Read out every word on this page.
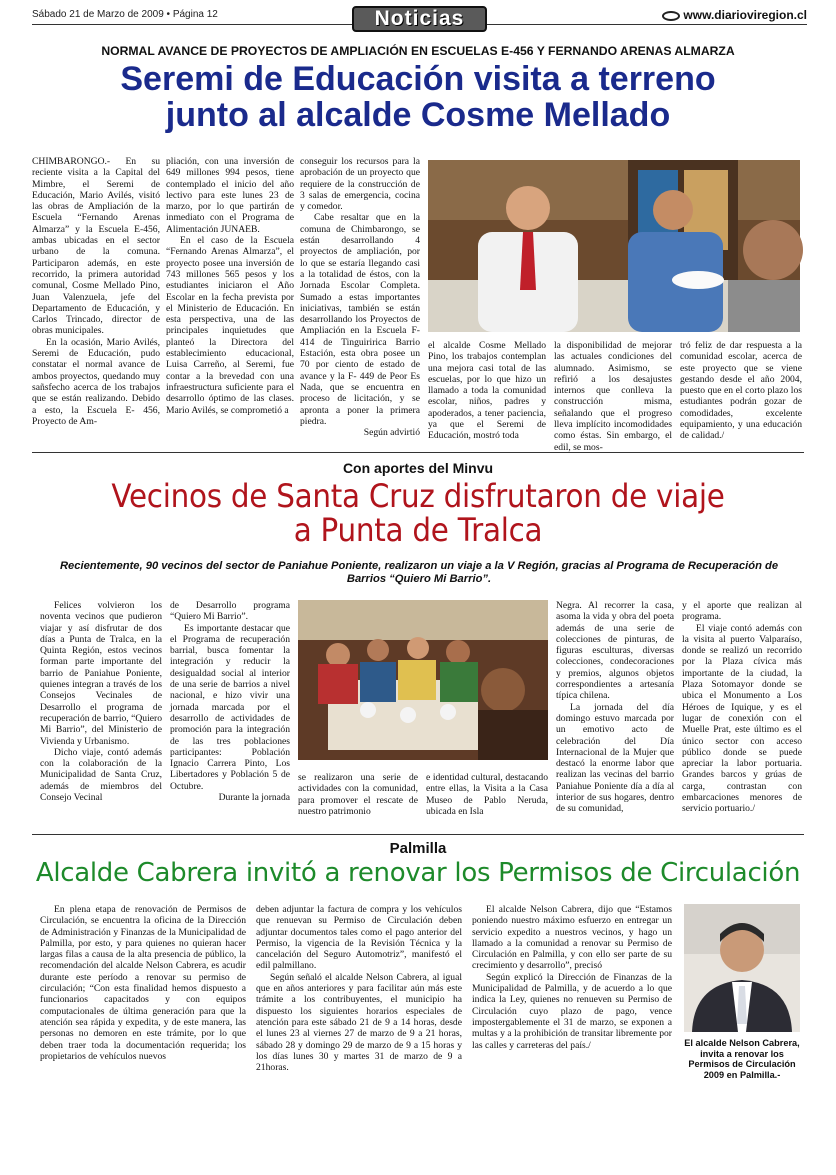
Sábado 21 de Marzo de 2009 • Página 12	Noticias	www.diarioviregion.cl
NORMAL AVANCE DE PROYECTOS DE AMPLIACIÓN EN ESCUELAS E-456 Y FERNANDO ARENAS ALMARZA
Seremi de Educación visita a terreno
junto al alcalde Cosme Mellado

CHIMBARONGO.- En su reciente visita a la Capital del Mimbre, el Seremi de Educación, Mario Avilés, visitó las obras de Ampliación de la Escuela “Fernando Arenas Almarza” y la Escuela E-456, ambas ubicadas en el sector urbano de la comuna. Participaron además, en este recorrido, la primera autoridad comunal, Cosme Mellado Pino, Juan Valenzuela, jefe del Departamento de Educación, y Carlos Trincado, director de obras municipales.

En la ocasión, Mario Avilés, Seremi de Educación, pudo constatar el normal avance de ambos proyectos, quedando muy sañsfecho acerca de los trabajos que se están realizando. Debido a esto, la Escuela E- 456, Proyecto de Am-

pliación, con una inversión de 649 millones 994 pesos, tiene contemplado el inicio del año lectivo para este lunes 23 de marzo, por lo que partirán de inmediato con el Programa de Alimentación JUNAEB.

En el caso de la Escuela “Fernando Arenas Almarza”, el proyecto posee una inversión de 743 millones 565 pesos y los estudiantes iniciaron el Año Escolar en la fecha prevista por el Ministerio de Educación. En esta perspectiva, una de las principales inquietudes que planteó la Directora del establecimiento educacional, Luisa Carreño, al Seremi, fue contar a la brevedad con una infraestructura suficiente para el desarrollo óptimo de las clases. Mario Avilés, se comprometió a

conseguir los recursos para la aprobación de un proyecto que requiere de la construcción de 3 salas de emergencia, cocina y comedor.

Cabe resaltar que en la comuna de Chimbarongo, se están desarrollando 4 proyectos de ampliación, por lo que se estaría llegando casi a la totalidad de éstos, con la Jornada Escolar Completa. Sumado a estas importantes iniciativas, también se están desarrollando los Proyectos de Ampliación en la Escuela F-414 de Tinguiririca Barrio Estación, esta obra posee un 70 por ciento de estado de avance y la F- 449 de Peor Es Nada, que se encuentra en proceso de licitación, y se apronta a poner la primera piedra.

Según advirtió

el alcalde Cosme Mellado Pino, los trabajos contemplan una mejora casi total de las escuelas, por lo que hizo un llamado a toda la comunidad escolar, niños, padres y apoderados, a tener paciencia, ya que el Seremi de Educación, mostró toda

la disponibilidad de mejorar las actuales condiciones del alumnado. Asimismo, se refirió a los desajustes internos que conlleva la construcción misma, señalando que el progreso lleva implícito incomodidades como éstas. Sin embargo, el edil, se mos-

tró feliz de dar respuesta a la comunidad escolar, acerca de este proyecto que se viene gestando desde el año 2004, puesto que en el corto plazo los estudiantes podrán gozar de comodidades, excelente equipamiento, y una educación de calidad./

Con aportes del Minvu
Vecinos de Santa Cruz disfrutaron de viaje
a Punta de Tralca
Recientemente, 90 vecinos del sector de Paniahue Poniente, realizaron un viaje a la V Región, gracias al Programa de Recuperación de Barrios “Quiero Mi Barrio”.

Felices volvieron los noventa vecinos que pudieron viajar y así disfrutar de dos días a Punta de Tralca, en la Quinta Región, estos vecinos forman parte importante del barrio de Paniahue Poniente, quienes integran a través de los Consejos Vecinales de Desarrollo el programa de recuperación de barrio, “Quiero Mi Barrio”, del Ministerio de Vivienda y Urbanismo.

Dicho viaje, contó además con la colaboración de la Municipalidad de Santa Cruz, además de miembros del Consejo Vecinal

de Desarrollo programa “Quiero Mi Barrio”.

Es importante destacar que el Programa de recuperación barrial, busca fomentar la integración y reducir la desigualdad social al interior de una serie de barrios a nivel nacional, e hizo vivir una jornada marcada por el desarrollo de actividades de promoción para la integración de las tres poblaciones participantes: Población Ignacio Carrera Pinto, Los Libertadores y Población 5 de Octubre.

Durante la jornada

se realizaron una serie de actividades con la comunidad, para promover el rescate de nuestro patrimonio

e identidad cultural, destacando entre ellas, la Visita a la Casa Museo de Pablo Neruda, ubicada en Isla

Negra. Al recorrer la casa, asoma la vida y obra del poeta además de una serie de colecciones de pinturas, de figuras esculturas, diversas colecciones, condecoraciones y premios, algunos objetos correspondientes a artesanía típica chilena.

La jornada del día domingo estuvo marcada por un emotivo acto de celebración del Día Internacional de la Mujer que destacó la enorme labor que realizan las vecinas del barrio Paniahue Poniente día a día al interior de sus hogares, dentro de su comunidad,

y el aporte que realizan al programa.

El viaje contó además con la visita al puerto Valparaíso, donde se realizó un recorrido por la Plaza cívica más importante de la ciudad, la Plaza Sotomayor donde se ubica el Monumento a Los Héroes de Iquique, y es el lugar de conexión con el Muelle Prat, este último es el único sector con acceso público donde se puede apreciar la labor portuaria. Grandes barcos y grúas de carga, contrastan con embarcaciones menores de servicio portuario./

Palmilla
Alcalde Cabrera invitó a renovar los Permisos de Circulación

En plena etapa de renovación de Permisos de Circulación, se encuentra la oficina de la Dirección de Administración y Finanzas de la Municipalidad de Palmilla, por esto, y para quienes no quieran hacer largas filas a causa de la alta presencia de público, la recomendación del alcalde Nelson Cabrera, es acudir durante este período a renovar su permiso de circulación; “Con esta finalidad hemos dispuesto a funcionarios capacitados y con equipos computacionales de última generación para que la atención sea rápida y expedita, y de este manera, las personas no demoren en este trámite, por lo que deben traer toda la documentación requerida; los propietarios de vehículos nuevos

deben adjuntar la factura de compra y los vehículos que renuevan su Permiso de Circulación deben adjuntar documentos tales como el pago anterior del Permiso, la vigencia de la Revisión Técnica y la cancelación del Seguro Automotriz”, manifestó el edil palmillano.

Según señaló el alcalde Nelson Cabrera, al igual que en años anteriores y para facilitar aún más este trámite a los contribuyentes, el municipio ha dispuesto los siguientes horarios especiales de atención para este sábado 21 de 9 a 14 horas, desde el lunes 23 al viernes 27 de marzo de 9 a 21 horas, sábado 28 y domingo 29 de marzo de 9 a 15 horas y los días lunes 30 y martes 31 de marzo de 9 a 21horas.

El alcalde Nelson Cabrera, dijo que “Estamos poniendo nuestro máximo esfuerzo en entregar un servicio expedito a nuestros vecinos, y hago un llamado a la comunidad a renovar su Permiso de Circulación en Palmilla, y con ello ser parte de su crecimiento y desarrollo”, precisó

Según explicó la Dirección de Finanzas de la Municipalidad de Palmilla, y de acuerdo a lo que indica la Ley, quienes no renueven su Permiso de Circulación cuyo plazo de pago, vence impostergablemente el 31 de marzo, se exponen a multas y a la prohibición de transitar libremente por las calles y carreteras del país./	El alcalde Nelson Cabrera, invita a renovar los Permisos de Circulación 2009 en Palmilla.-
